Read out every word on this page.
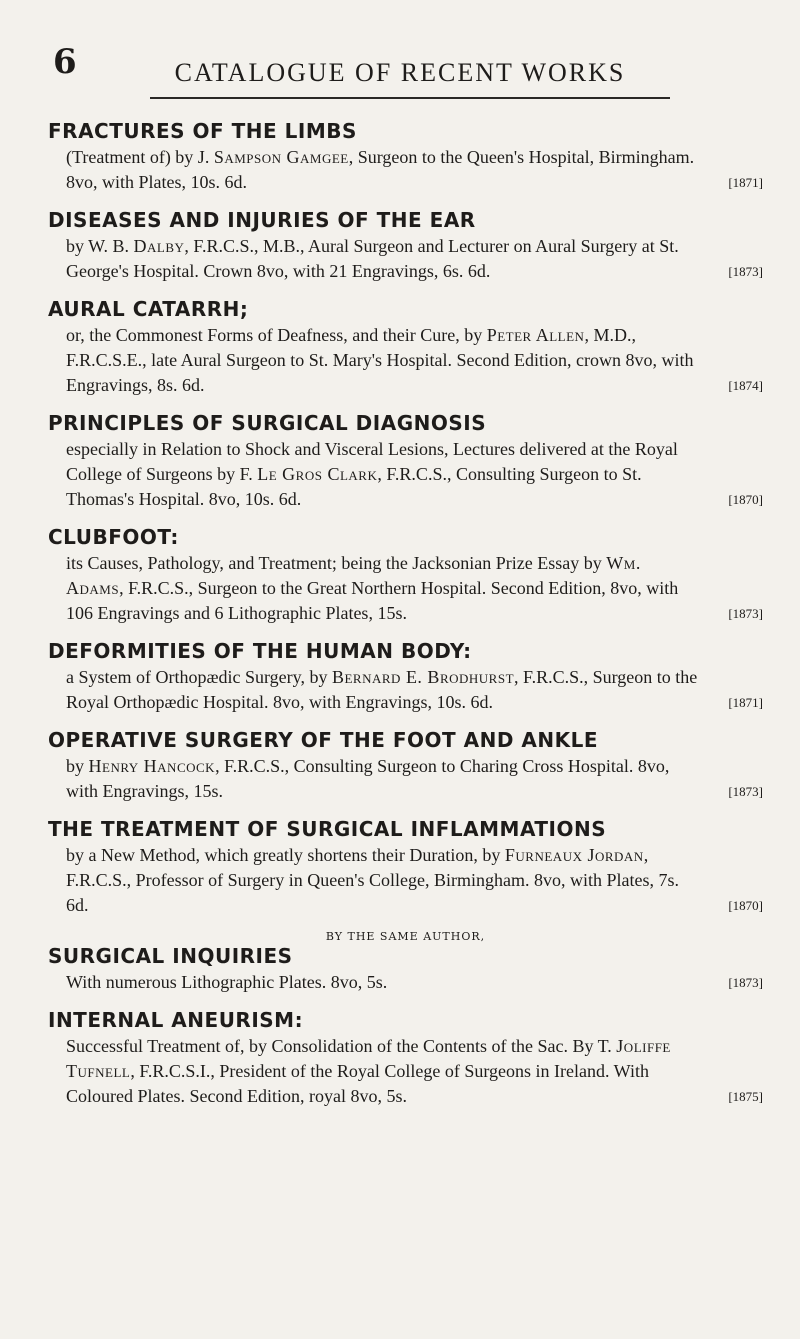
6	CATALOGUE OF RECENT WORKS

FRACTURES OF THE LIMBS

(Treatment of) by J. Sampson Gamgee, Surgeon to the Queen's Hospital, Birmingham. 8vo, with Plates, 10s. 6d.	[1871]

DISEASES AND INJURIES OF THE EAR

by W. B. Dalby, F.R.C.S., M.B., Aural Surgeon and Lecturer on Aural Surgery at St. George's Hospital. Crown 8vo, with 21 Engravings, 6s. 6d.	[1873]

AURAL CATARRH;

or, the Commonest Forms of Deafness, and their Cure, by Peter Allen, M.D., F.R.C.S.E., late Aural Surgeon to St. Mary's Hospital. Second Edition, crown 8vo, with Engravings, 8s. 6d.	[1874]

PRINCIPLES OF SURGICAL DIAGNOSIS

especially in Relation to Shock and Visceral Lesions, Lectures delivered at the Royal College of Surgeons by F. Le Gros Clark, F.R.C.S., Consulting Surgeon to St. Thomas's Hospital. 8vo, 10s. 6d.	[1870]

CLUBFOOT:

its Causes, Pathology, and Treatment; being the Jacksonian Prize Essay by Wm. Adams, F.R.C.S., Surgeon to the Great Northern Hospital. Second Edition, 8vo, with 106 Engravings and 6 Lithographic Plates, 15s.	[1873]

DEFORMITIES OF THE HUMAN BODY:

a System of Orthopædic Surgery, by Bernard E. Brodhurst, F.R.C.S., Surgeon to the Royal Orthopædic Hospital. 8vo, with Engravings, 10s. 6d.	[1871]

OPERATIVE SURGERY OF THE FOOT AND ANKLE

by Henry Hancock, F.R.C.S., Consulting Surgeon to Charing Cross Hospital. 8vo, with Engravings, 15s.	[1873]

THE TREATMENT OF SURGICAL INFLAMMATIONS

by a New Method, which greatly shortens their Duration, by Furneaux Jordan, F.R.C.S., Professor of Surgery in Queen's College, Birmingham. 8vo, with Plates, 7s. 6d.	[1870]

BY THE SAME AUTHOR,

SURGICAL INQUIRIES

With numerous Lithographic Plates. 8vo, 5s.	[1873]

INTERNAL ANEURISM:

Successful Treatment of, by Consolidation of the Contents of the Sac. By T. Joliffe Tufnell, F.R.C.S.I., President of the Royal College of Surgeons in Ireland. With Coloured Plates. Second Edition, royal 8vo, 5s.	[1875]
